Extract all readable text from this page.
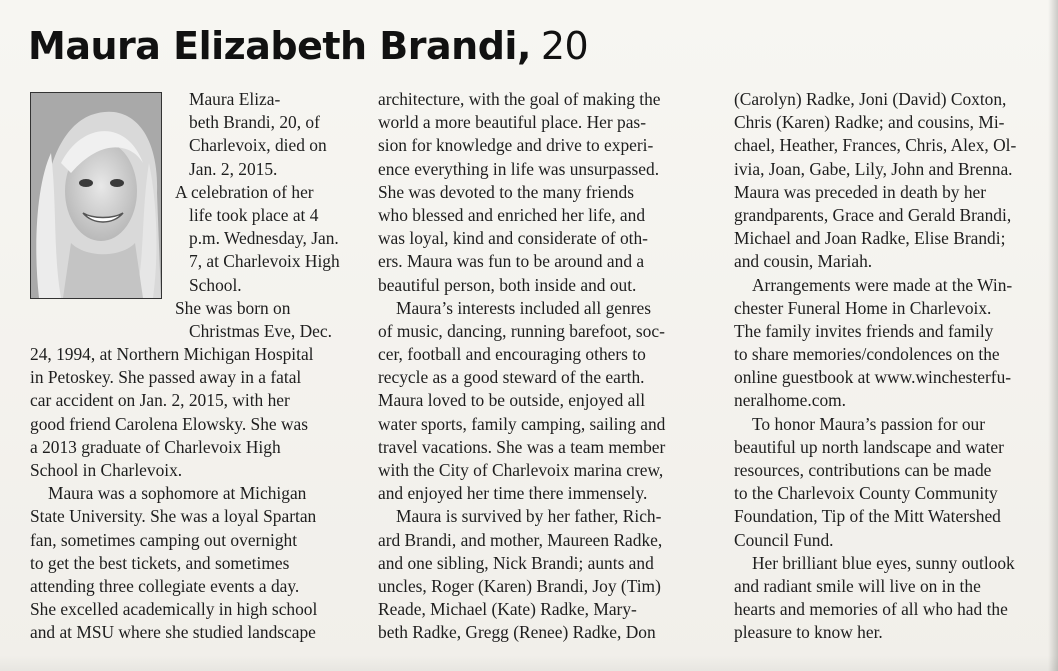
Maura Elizabeth Brandi, 20
Maura Eliza-
beth Brandi, 20, of
Charlevoix, died on
Jan. 2, 2015.
A celebration of her
life took place at 4
p.m. Wednesday, Jan.
7, at Charlevoix High
School.
She was born on
Christmas Eve, Dec.
24, 1994, at Northern Michigan Hospital
in Petoskey. She passed away in a fatal
car accident on Jan. 2, 2015, with her
good friend Carolena Elowsky. She was
a 2013 graduate of Charlevoix High
School in Charlevoix.
Maura was a sophomore at Michigan
State University. She was a loyal Spartan
fan, sometimes camping out overnight
to get the best tickets, and sometimes
attending three collegiate events a day.
She excelled academically in high school
and at MSU where she studied landscape
architecture, with the goal of making the
world a more beautiful place. Her pas-
sion for knowledge and drive to experi-
ence everything in life was unsurpassed.
She was devoted to the many friends
who blessed and enriched her life, and
was loyal, kind and considerate of oth-
ers. Maura was fun to be around and a
beautiful person, both inside and out.
Maura’s interests included all genres
of music, dancing, running barefoot, soc-
cer, football and encouraging others to
recycle as a good steward of the earth.
Maura loved to be outside, enjoyed all
water sports, family camping, sailing and
travel vacations. She was a team member
with the City of Charlevoix marina crew,
and enjoyed her time there immensely.
Maura is survived by her father, Rich-
ard Brandi, and mother, Maureen Radke,
and one sibling, Nick Brandi; aunts and
uncles, Roger (Karen) Brandi, Joy (Tim)
Reade, Michael (Kate) Radke, Mary-
beth Radke, Gregg (Renee) Radke, Don
(Carolyn) Radke, Joni (David) Coxton,
Chris (Karen) Radke; and cousins, Mi-
chael, Heather, Frances, Chris, Alex, Ol-
ivia, Joan, Gabe, Lily, John and Brenna.
Maura was preceded in death by her
grandparents, Grace and Gerald Brandi,
Michael and Joan Radke, Elise Brandi;
and cousin, Mariah.
Arrangements were made at the Win-
chester Funeral Home in Charlevoix.
The family invites friends and family
to share memories/condolences on the
online guestbook at www.winchesterfu-
neralhome.com.
To honor Maura’s passion for our
beautiful up north landscape and water
resources, contributions can be made
to the Charlevoix County Community
Foundation, Tip of the Mitt Watershed
Council Fund.
Her brilliant blue eyes, sunny outlook
and radiant smile will live on in the
hearts and memories of all who had the
pleasure to know her.
